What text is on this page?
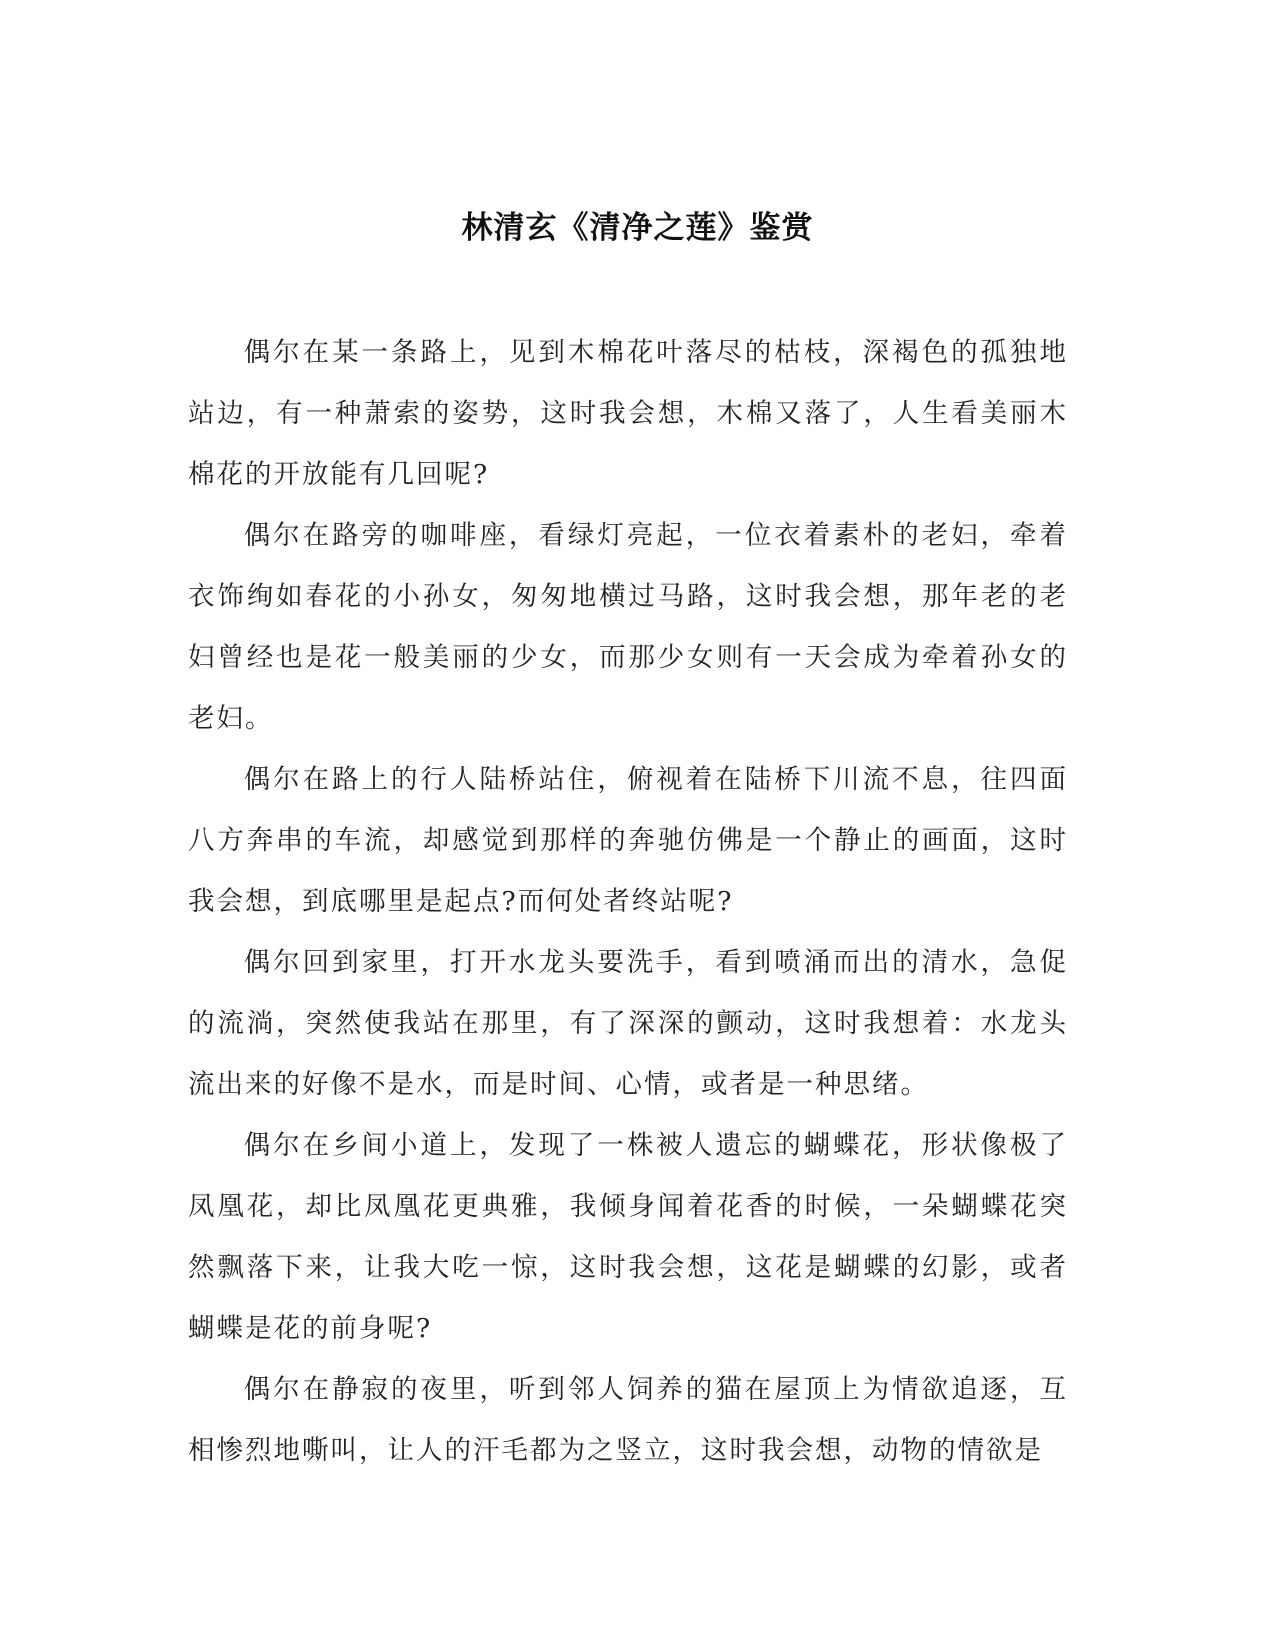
林清玄《清净之莲》鉴赏

偶尔在某一条路上，见到木棉花叶落尽的枯枝，深褐色的孤独地站边，有一种萧索的姿势，这时我会想，木棉又落了，人生看美丽木棉花的开放能有几回呢?

偶尔在路旁的咖啡座，看绿灯亮起，一位衣着素朴的老妇，牵着衣饰绚如春花的小孙女，匆匆地横过马路，这时我会想，那年老的老妇曾经也是花一般美丽的少女，而那少女则有一天会成为牵着孙女的老妇。

偶尔在路上的行人陆桥站住，俯视着在陆桥下川流不息，往四面八方奔串的车流，却感觉到那样的奔驰仿佛是一个静止的画面，这时我会想，到底哪里是起点?而何处者终站呢?

偶尔回到家里，打开水龙头要洗手，看到喷涌而出的清水，急促的流淌，突然使我站在那里，有了深深的颤动，这时我想着：水龙头流出来的好像不是水，而是时间、心情，或者是一种思绪。

偶尔在乡间小道上，发现了一株被人遗忘的蝴蝶花，形状像极了凤凰花，却比凤凰花更典雅，我倾身闻着花香的时候，一朵蝴蝶花突然飘落下来，让我大吃一惊，这时我会想，这花是蝴蝶的幻影，或者蝴蝶是花的前身呢?

偶尔在静寂的夜里，听到邻人饲养的猫在屋顶上为情欲追逐，互相惨烈地嘶叫，让人的汗毛都为之竖立，这时我会想，动物的情欲是
